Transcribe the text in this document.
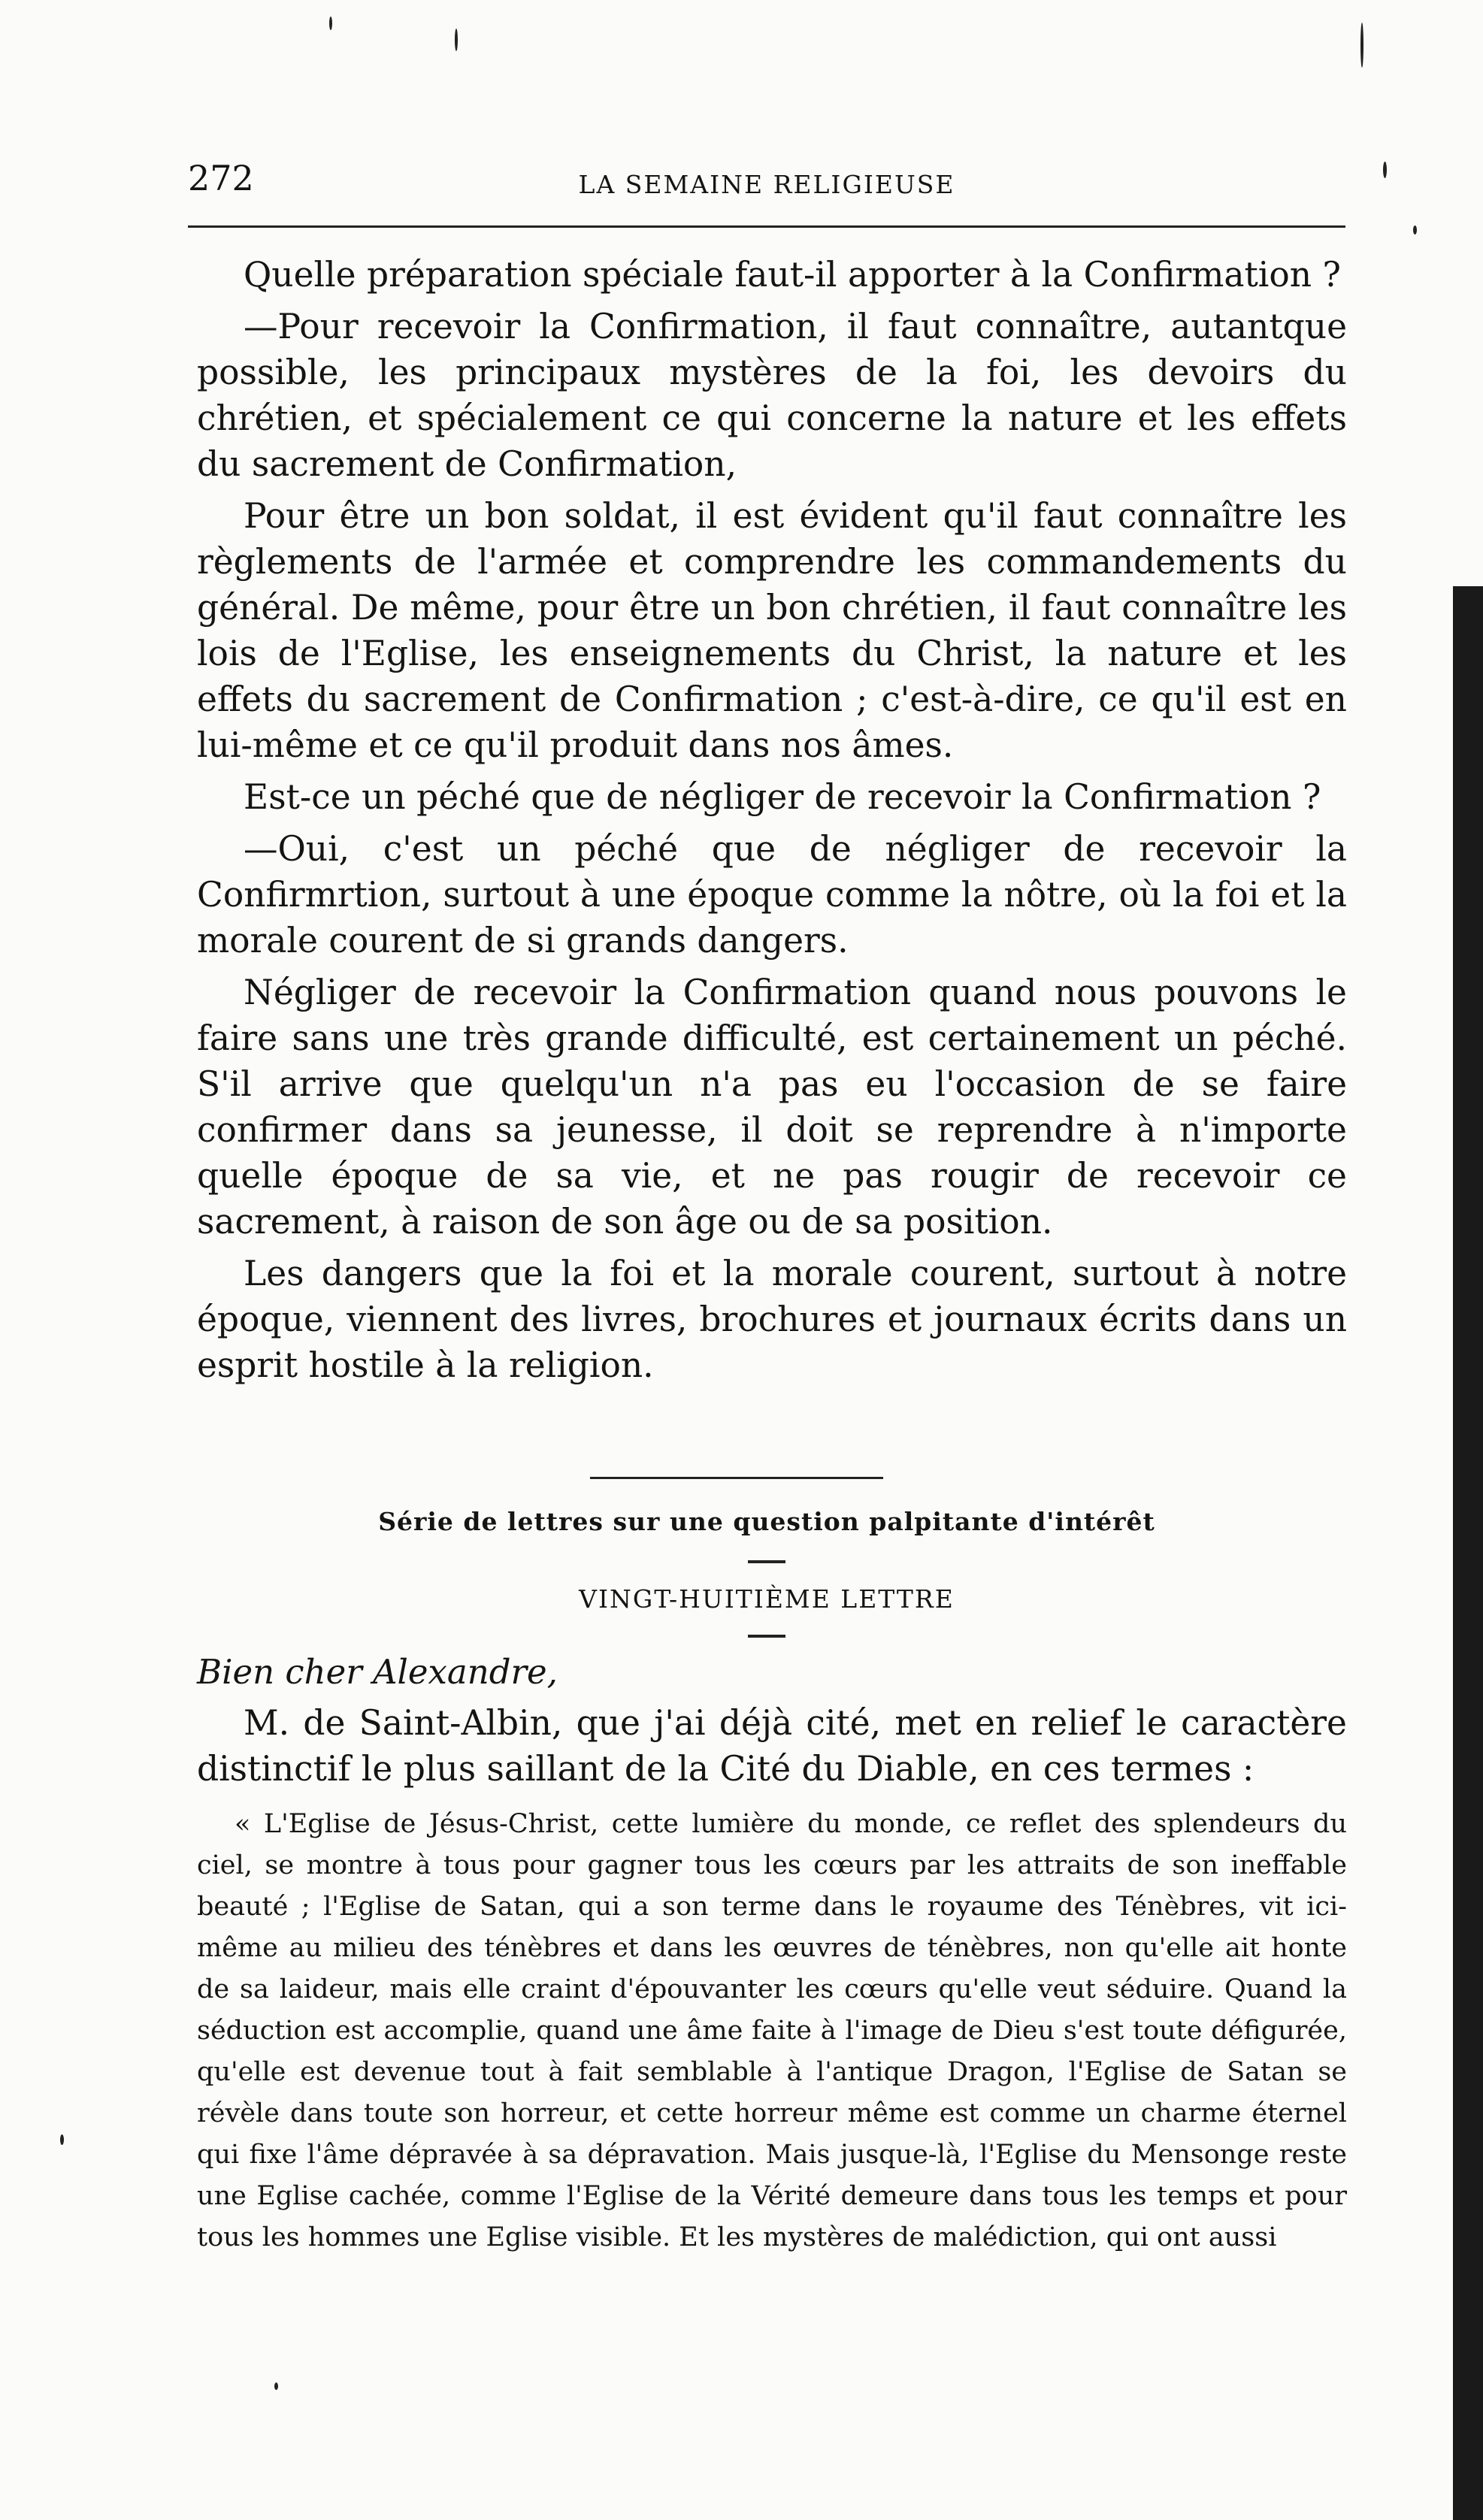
272	LA SEMAINE RELIGIEUSE

Quelle préparation spéciale faut-il apporter à la Confirmation ?

—Pour recevoir la Confirmation, il faut connaître, autantque possible, les principaux mystères de la foi, les devoirs du chrétien, et spécialement ce qui concerne la nature et les effets du sacrement de Confirmation,

Pour être un bon soldat, il est évident qu'il faut connaître les règlements de l'armée et comprendre les commandements du général. De même, pour être un bon chrétien, il faut connaître les lois de l'Eglise, les enseignements du Christ, la nature et les effets du sacrement de Confirmation ; c'est-à-dire, ce qu'il est en lui-même et ce qu'il produit dans nos âmes.

Est-ce un péché que de négliger de recevoir la Confirmation ?

—Oui, c'est un péché que de négliger de recevoir la Confirmrtion, surtout à une époque comme la nôtre, où la foi et la morale courent de si grands dangers.

Négliger de recevoir la Confirmation quand nous pouvons le faire sans une très grande difficulté, est certainement un péché. S'il arrive que quelqu'un n'a pas eu l'occasion de se faire confirmer dans sa jeunesse, il doit se reprendre à n'importe quelle époque de sa vie, et ne pas rougir de recevoir ce sacrement, à raison de son âge ou de sa position.

Les dangers que la foi et la morale courent, surtout à notre époque, viennent des livres, brochures et journaux écrits dans un esprit hostile à la religion.

Série de lettres sur une question palpitante d'intérêt
VINGT-HUITIÈME LETTRE
Bien cher Alexandre,

M. de Saint-Albin, que j'ai déjà cité, met en relief le caractère distinctif le plus saillant de la Cité du Diable, en ces termes :

« L'Eglise de Jésus-Christ, cette lumière du monde, ce reflet des splendeurs du ciel, se montre à tous pour gagner tous les cœurs par les attraits de son ineffable beauté ; l'Eglise de Satan, qui a son terme dans le royaume des Ténèbres, vit ici-même au milieu des ténèbres et dans les œuvres de ténèbres, non qu'elle ait honte de sa laideur, mais elle craint d'épouvanter les cœurs qu'elle veut séduire. Quand la séduction est accomplie, quand une âme faite à l'image de Dieu s'est toute défigurée, qu'elle est devenue tout à fait semblable à l'antique Dragon, l'Eglise de Satan se révèle dans toute son horreur, et cette horreur même est comme un charme éternel qui fixe l'âme dépravée à sa dépravation. Mais jusque-là, l'Eglise du Mensonge reste une Eglise cachée, comme l'Eglise de la Vérité demeure dans tous les temps et pour tous les hommes une Eglise visible. Et les mystères de malédiction, qui ont aussi
